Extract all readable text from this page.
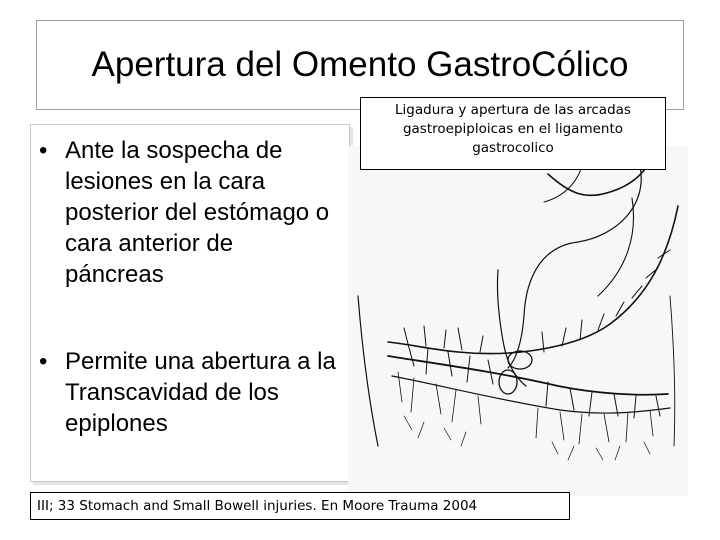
Apertura del Omento GastroCólico
• Ante la sospecha de lesiones en la cara posterior del estómago o cara anterior de páncreas
• Permite una abertura a la Transcavidad de los epiplones
Ligadura y apertura de las arcadas
gastroepiploicas en el ligamento
gastrocolico
III; 33 Stomach and Small Bowell injuries. En Moore Trauma 2004
